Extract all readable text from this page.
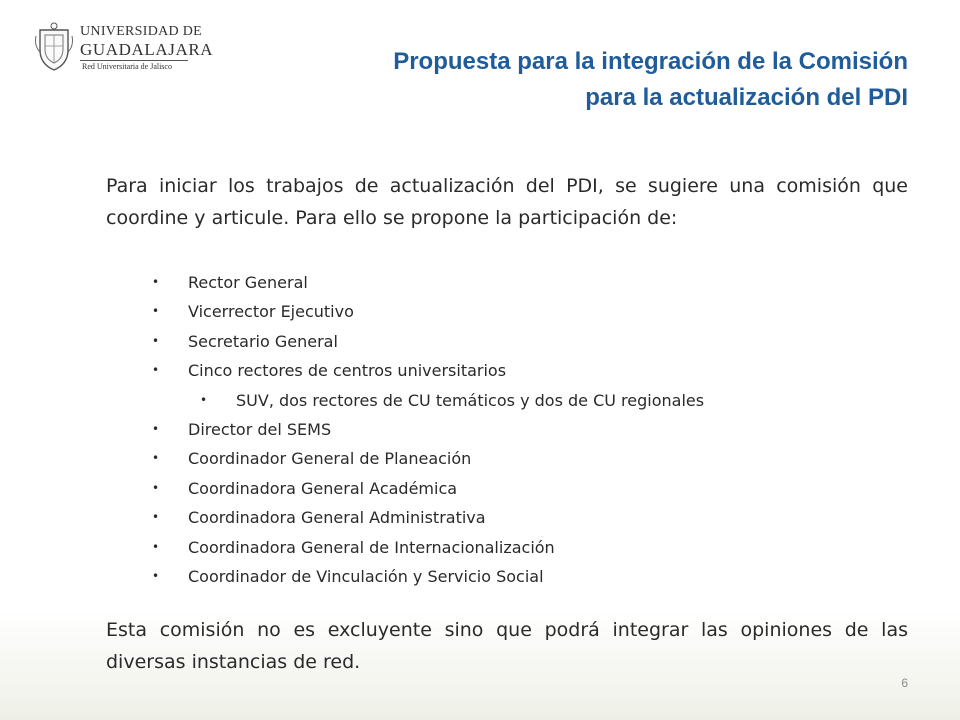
UNIVERSIDAD DE
GUADALAJARA
Red Universitaria de Jalisco	Propuesta para la integración de la Comisión
para la actualización del PDI

Para iniciar los trabajos de actualización del PDI, se sugiere una comisión que coordine y articule. Para ello se propone la participación de:

• Rector General
• Vicerrector Ejecutivo
• Secretario General
• Cinco rectores de centros universitarios
• SUV, dos rectores de CU temáticos y dos de CU regionales
• Director del SEMS
• Coordinador General de Planeación
• Coordinadora General Académica
• Coordinadora General Administrativa
• Coordinadora General de Internacionalización
• Coordinador de Vinculación y Servicio Social

Esta comisión no es excluyente sino que podrá integrar las opiniones de las diversas instancias de red.

6
